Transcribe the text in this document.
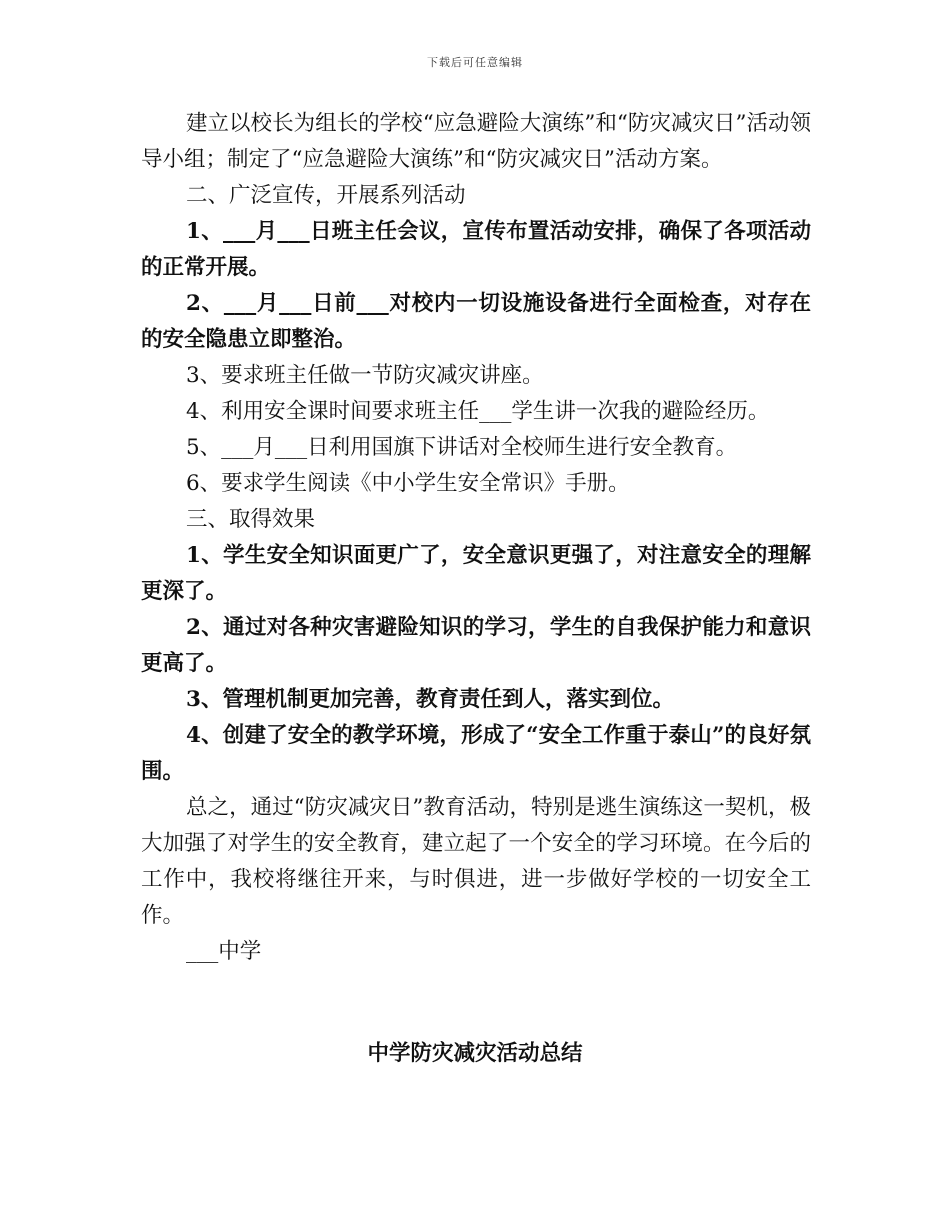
下载后可任意编辑

建立以校长为组长的学校“应急避险大演练”和“防灾减灾日”活动领导小组；制定了“应急避险大演练”和“防灾减灾日”活动方案。

二、广泛宣传，开展系列活动

1、___月___日班主任会议，宣传布置活动安排，确保了各项活动的正常开展。

2、___月___日前___对校内一切设施设备进行全面检查，对存在的安全隐患立即整治。

3、要求班主任做一节防灾减灾讲座。

4、利用安全课时间要求班主任___学生讲一次我的避险经历。

5、___月___日利用国旗下讲话对全校师生进行安全教育。

6、要求学生阅读《中小学生安全常识》手册。

三、取得效果

1、学生安全知识面更广了，安全意识更强了，对注意安全的理解更深了。

2、通过对各种灾害避险知识的学习，学生的自我保护能力和意识更高了。

3、管理机制更加完善，教育责任到人，落实到位。

4、创建了安全的教学环境，形成了“安全工作重于泰山”的良好氛围。

总之，通过“防灾减灾日”教育活动，特别是逃生演练这一契机，极大加强了对学生的安全教育，建立起了一个安全的学习环境。在今后的工作中，我校将继往开来，与时俱进，进一步做好学校的一切安全工作。

___中学

中学防灾减灾活动总结
